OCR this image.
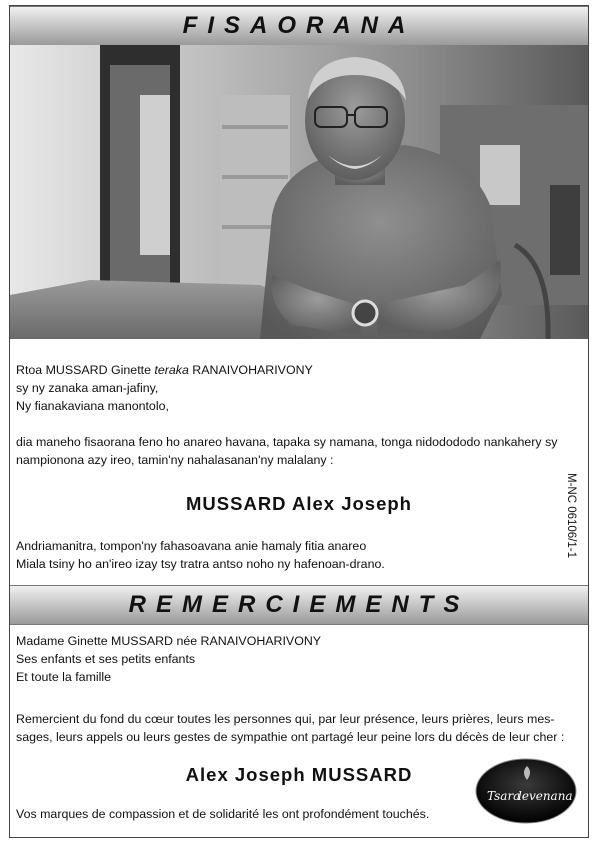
FISAORANA
Rtoa MUSSARD Ginette teraka RANAIVOHARIVONY
sy ny zanaka aman-jafiny,
Ny fianakaviana manontolo,
dia maneho fisaorana feno ho anareo havana, tapaka sy namana, tonga nidodododo nankahery sy
nampionona azy ireo, tamin'ny nahalasanan'ny malalany :
MUSSARD Alex Joseph
Andriamanitra, tompon'ny fahasoavana anie hamaly fitia anareo
Miala tsiny ho an'ireo izay tsy tratra antso noho ny hafenoan-drano.
M-NC 06106/1-1
REMERCIEMENTS
Madame Ginette MUSSARD née RANAIVOHARIVONY
Ses enfants et ses petits enfants
Et toute la famille
Remercient du fond du cœur toutes les personnes qui, par leur présence, leurs prières, leurs mes-
sages, leurs appels ou leurs gestes de sympathie ont partagé leur peine lors du décès de leur cher :
Alex Joseph MUSSARD
Vos marques de compassion et de solidarité les ont profondément touchés.
Tsara
levenana
